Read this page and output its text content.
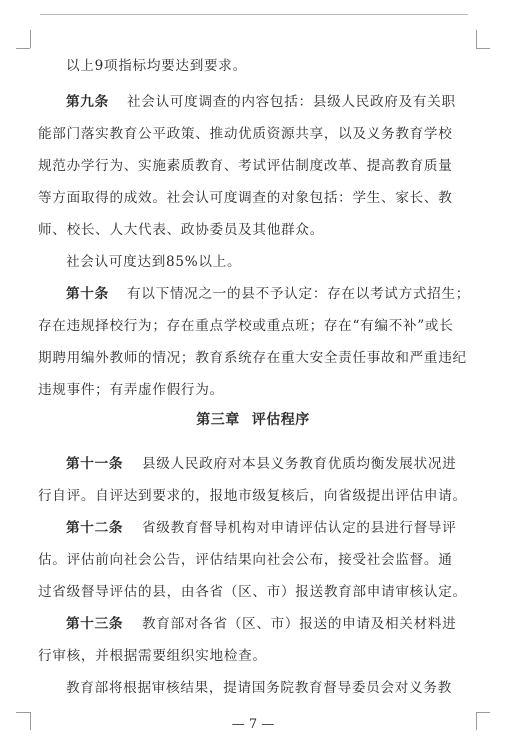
以上9项指标均要达到要求。
第九条 社会认可度调查的内容包括：县级人民政府及有关职
能部门落实教育公平政策、推动优质资源共享，以及义务教育学校
规范办学行为、实施素质教育、考试评估制度改革、提高教育质量
等方面取得的成效。社会认可度调查的对象包括：学生、家长、教
师、校长、人大代表、政协委员及其他群众。
社会认可度达到85%以上。
第十条 有以下情况之一的县不予认定：存在以考试方式招生；
存在违规择校行为；存在重点学校或重点班；存在“有编不补”或长
期聘用编外教师的情况；教育系统存在重大安全责任事故和严重违纪
违规事件；有弄虚作假行为。
第三章 评估程序
第十一条 县级人民政府对本县义务教育优质均衡发展状况进
行自评。自评达到要求的，报地市级复核后，向省级提出评估申请。
第十二条 省级教育督导机构对申请评估认定的县进行督导评
估。评估前向社会公告，评估结果向社会公布，接受社会监督。通
过省级督导评估的县，由各省（区、市）报送教育部申请审核认定。
第十三条 教育部对各省（区、市）报送的申请及相关材料进
行审核，并根据需要组织实地检查。
教育部将根据审核结果，提请国务院教育督导委员会对义务教
— 7 —
